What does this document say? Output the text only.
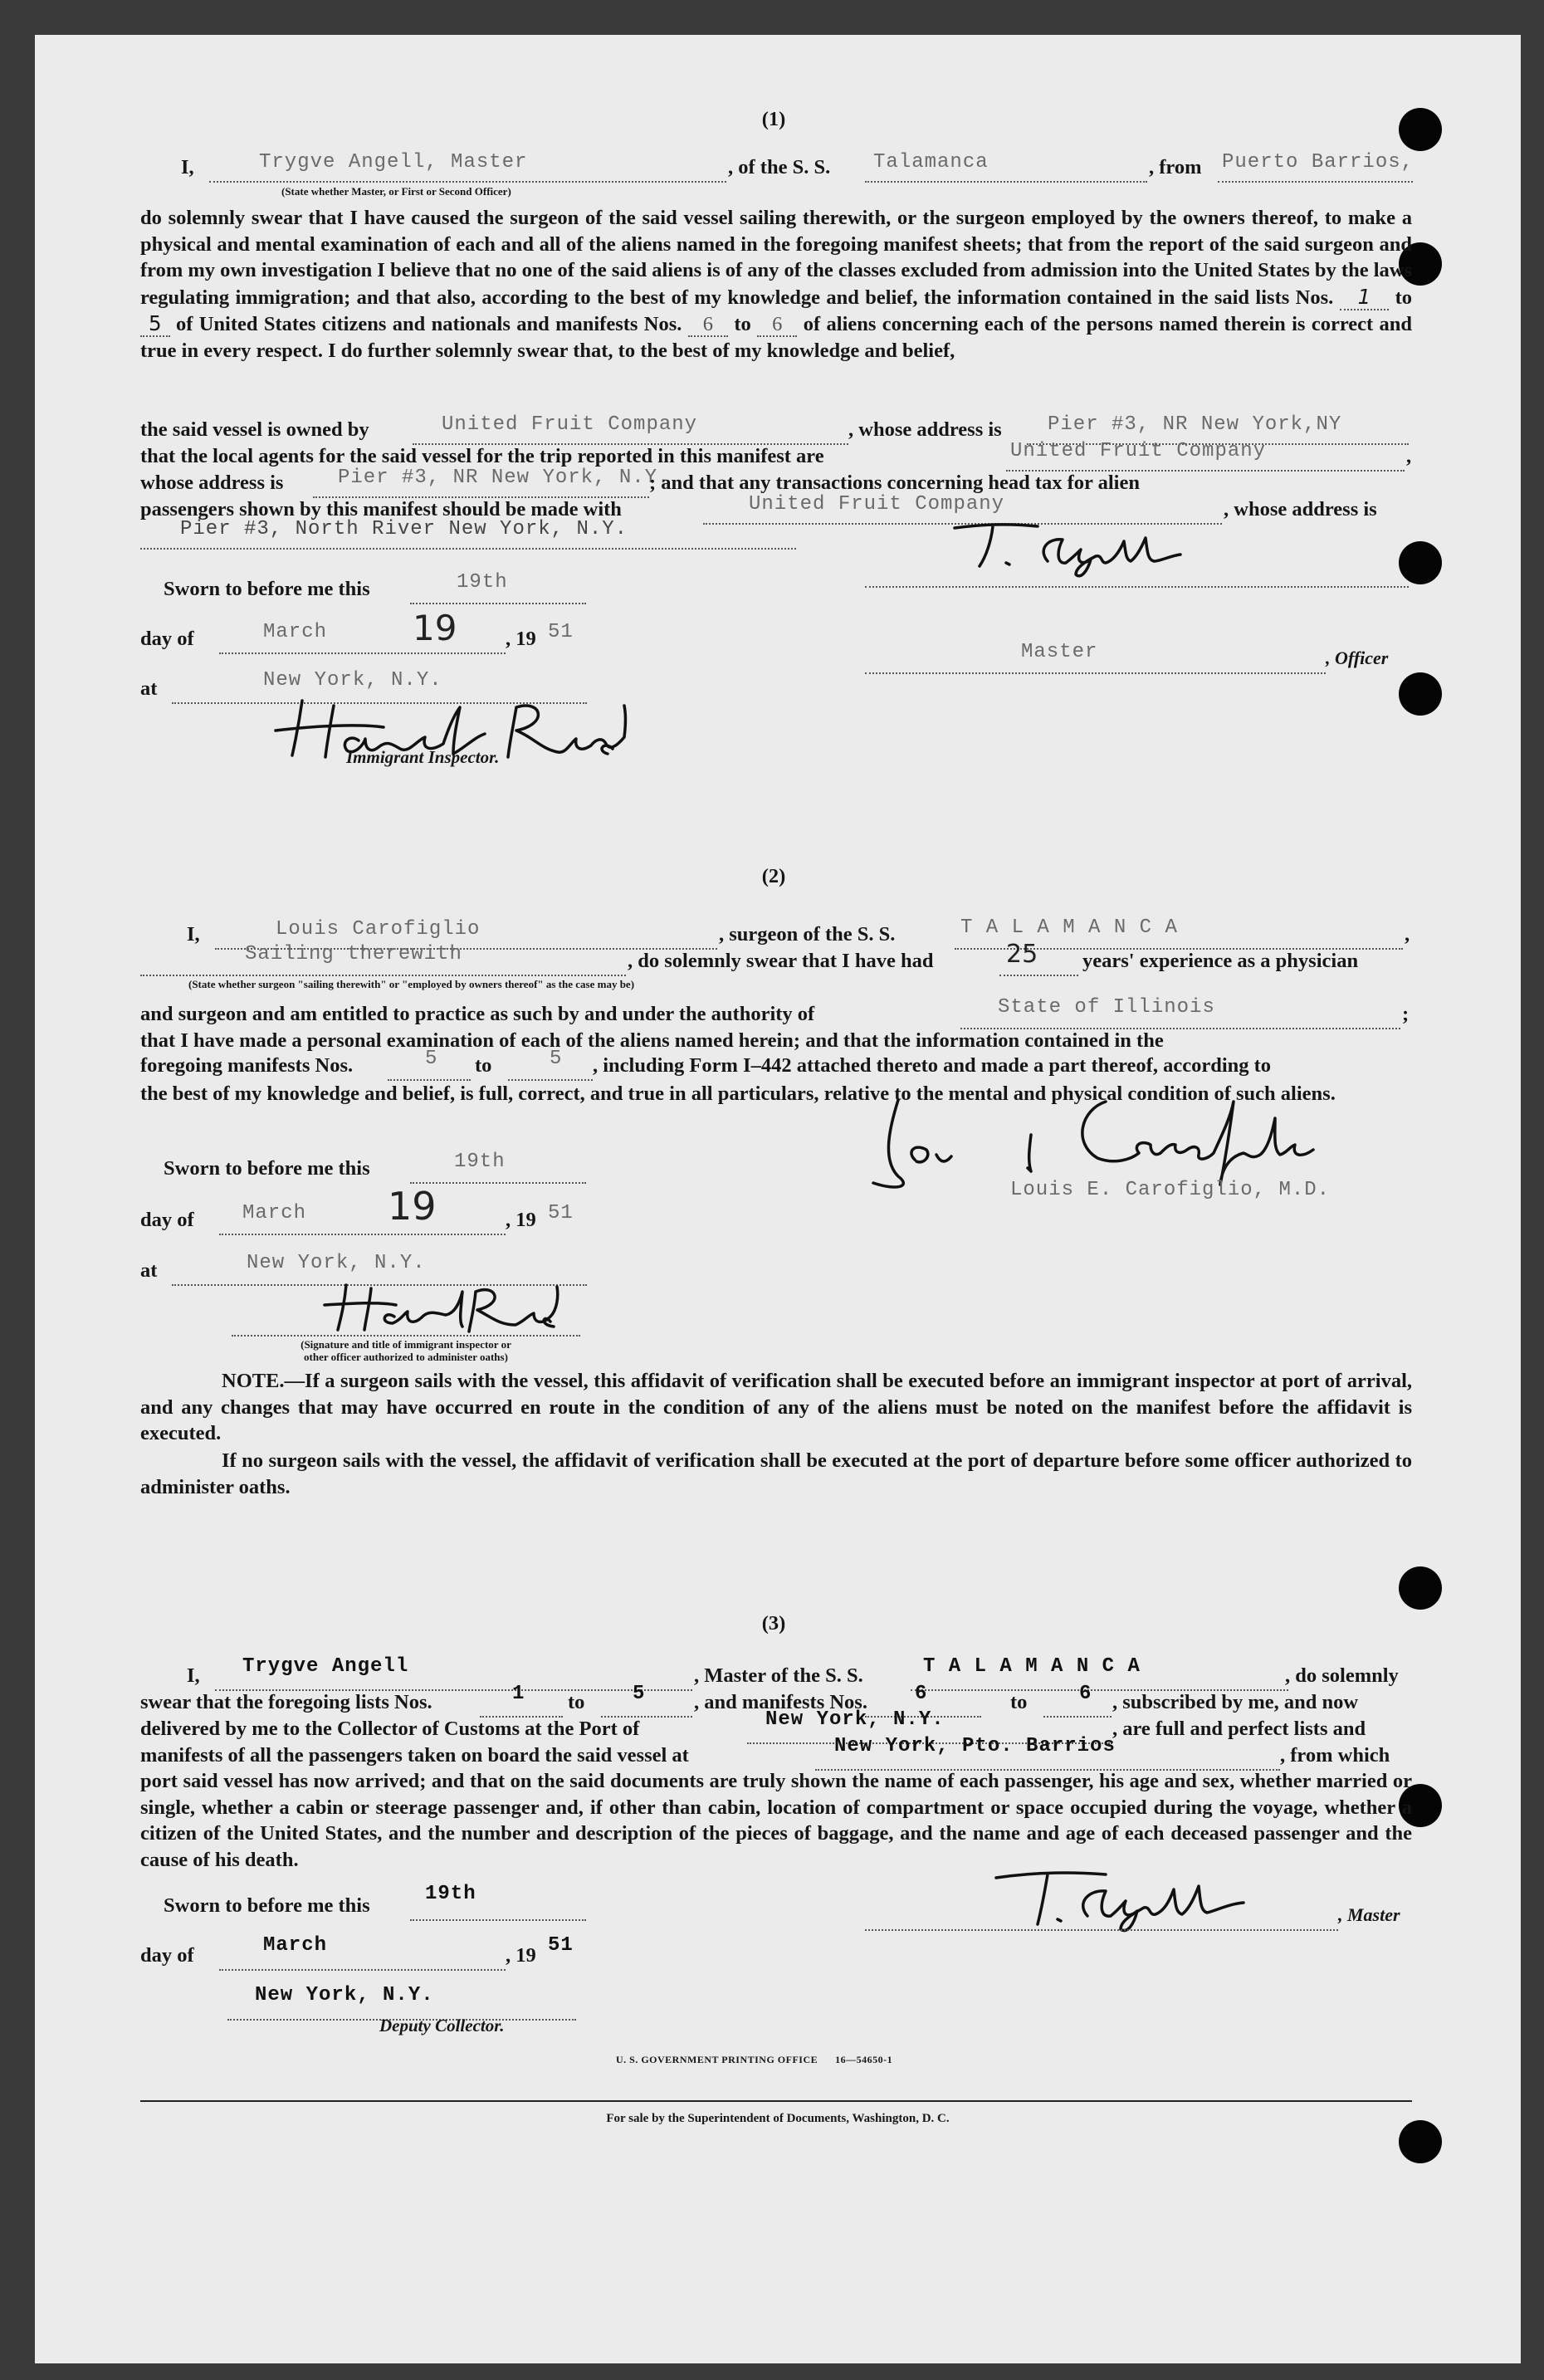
(1)
I,	Trygve Angell, Master	, of the S. S. Talamanca	, from Puerto Barrios,
(State whether Master, or First or Second Officer)
do solemnly swear that I have caused the surgeon of the said vessel sailing therewith, or the surgeon employed by the owners thereof, to make a physical and mental examination of each and all of the aliens named in the foregoing manifest sheets; that from the report of the said surgeon and from my own investigation I believe that no one of the said aliens is of any of the classes excluded from admission into the United States by the laws regulating immigration; and that also, according to the best of my knowledge and belief, the information contained in the said lists Nos. 1 to 5 of United States citizens and nationals and manifests Nos. 6 to 6 of aliens concerning each of the persons named therein is correct and true in every respect. I do further solemnly swear that, to the best of my knowledge and belief,
the said vessel is owned by	United Fruit Company	, whose address is Pier #3, NR New York,NY
that the local agents for the said vessel for the trip reported in this manifest are	United Fruit Company	,
whose address is	Pier #3, NR New York, N.Y.
; and that any transactions concerning head tax for alien
passengers shown by this manifest should be made with	United Fruit Company	, whose address is
Pier #3, North River New York, N.Y.
Sworn to before me this	19th
day of	March 19 , 19 51
at	New York, N.Y.
Immigrant Inspector.
Master	, Officer
(2)
I,	Louis Carofiglio	, surgeon of the S. S.	T A L A M A N C A	,
Sailing therewith	, do solemnly swear that I have had	25 years' experience as a physician
(State whether surgeon "sailing therewith" or "employed by owners thereof" as the case may be)
and surgeon and am entitled to practice as such by and under the authority of	State of Illinois	;
that I have made a personal examination of each of the aliens named herein; and that the information contained in the
foregoing manifests Nos.	5 to	5 , including Form I–442 attached thereto and made a part thereof, according to
the best of my knowledge and belief, is full, correct, and true in all particulars, relative to the mental and physical condition of such aliens.
Sworn to before me this	19th
day of March 19	, 19 51
at	New York, N.Y.
(Signature and title of immigrant inspector or
other officer authorized to administer oaths)
Louis E. Carofiglio, M.D.
NOTE.—If a surgeon sails with the vessel, this affidavit of verification shall be executed before an immigrant inspector at port of arrival, and any changes that may have occurred en route in the condition of any of the aliens must be noted on the manifest before the affidavit is executed.
If no surgeon sails with the vessel, the affidavit of verification shall be executed at the port of departure before some officer authorized to administer oaths.
(3)
I, Trygve Angell	, Master of the S. S.	T A L A M A N C A	, do solemnly
swear that the foregoing lists Nos.	1 to 5 , and manifests Nos. 6	to	6 , subscribed by me, and now
delivered by me to the Collector of Customs at the Port of	New York, N.Y.	, are full and perfect lists and
manifests of all the passengers taken on board the said vessel at	New York, Pto. Barrios	, from which
port said vessel has now arrived; and that on the said documents are truly shown the name of each passenger, his age and sex, whether married or single, whether a cabin or steerage passenger and, if other than cabin, location of compartment or space occupied during the voyage, whether a citizen of the United States, and the number and description of the pieces of baggage, and the name and age of each deceased passenger and the cause of his death.
Sworn to before me this
19th
day of	March	, 19 51
New York, N.Y.
Deputy Collector.
, Master
U. S. GOVERNMENT PRINTING OFFICE      16—54650-1
For sale by the Superintendent of Documents, Washington, D. C.
